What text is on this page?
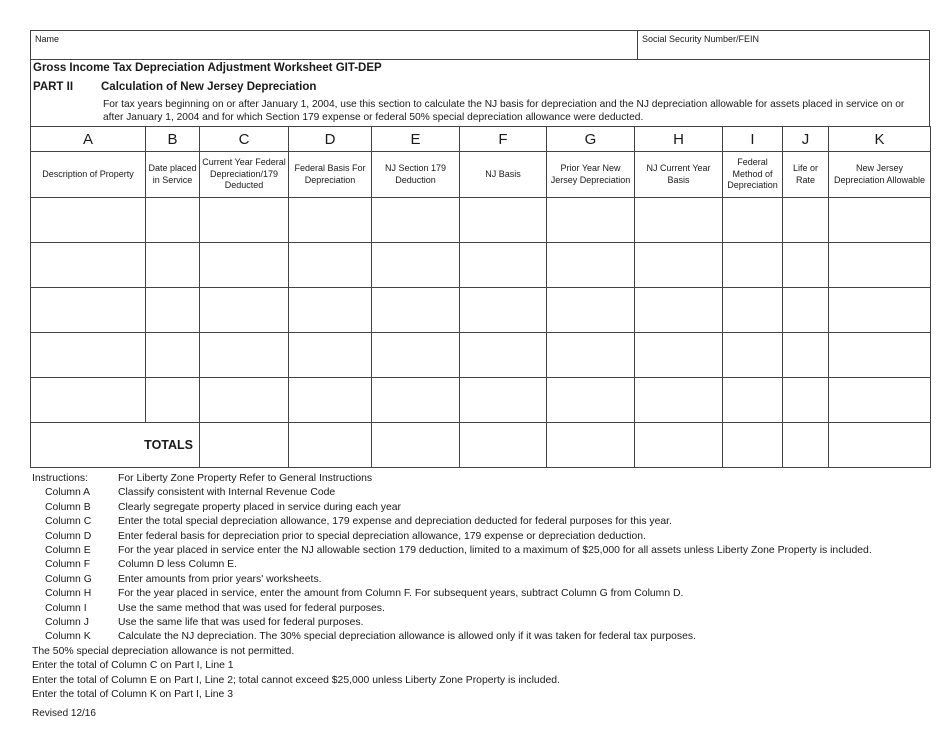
Name	Social Security Number/FEIN
Gross Income Tax Depreciation Adjustment Worksheet GIT-DEP
PART II Calculation of New Jersey Depreciation
For tax years beginning on or after January 1, 2004, use this section to calculate the NJ basis for depreciation and the NJ depreciation allowable for assets placed in service on or after January 1, 2004 and for which Section 179 expense or federal 50% special depreciation allowance were deducted.
A	B	C	D	E	F	G	H	I	J	K
Description of Property	Date placed in Service	Current Year Federal Depreciation/179 Deducted	Federal Basis For Depreciation	NJ Section 179 Deduction	NJ Basis	Prior Year New Jersey Depreciation	NJ Current Year Basis	Federal Method of Depreciation	Life or Rate	New Jersey Depreciation Allowable

TOTALS										
Instructions:	For Liberty Zone Property Refer to General Instructions
Column A	Classify consistent with Internal Revenue Code
Column B	Clearly segregate property placed in service during each year
Column C	Enter the total special depreciation allowance, 179 expense and depreciation deducted for federal purposes for this year.
Column D	Enter federal basis for depreciation prior to special depreciation allowance, 179 expense or depreciation deduction.
Column E	For the year placed in service enter the NJ allowable section 179 deduction, limited to a maximum of $25,000 for all assets unless Liberty Zone Property is included.
Column F	Column D less Column E.
Column G	Enter amounts from prior years' worksheets.
Column H	For the year placed in service, enter the amount from Column F. For subsequent years, subtract Column G from Column D.
Column I	Use the same method that was used for federal purposes.
Column J	Use the same life that was used for federal purposes.
Column K	Calculate the NJ depreciation. The 30% special depreciation allowance is allowed only if it was taken for federal tax purposes.
The 50% special depreciation allowance is not permitted.
Enter the total of Column C on Part I, Line 1
Enter the total of Column E on Part I, Line 2; total cannot exceed $25,000 unless Liberty Zone Property is included.
Enter the total of Column K on Part I, Line 3
Revised 12/16
